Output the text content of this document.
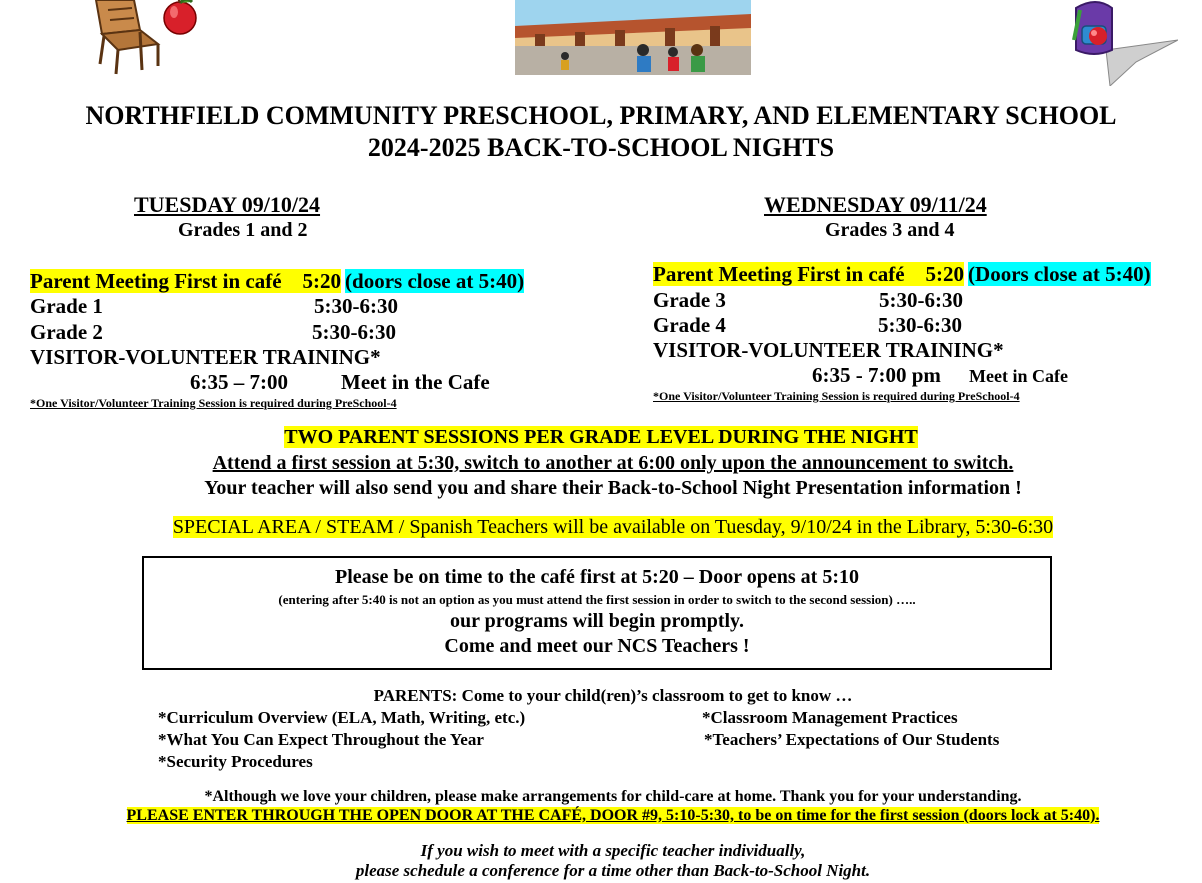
NORTHFIELD COMMUNITY PRESCHOOL, PRIMARY, AND ELEMENTARY SCHOOL
2024-2025 BACK-TO-SCHOOL NIGHTS
TUESDAY 09/10/24
Grades 1 and 2
Parent Meeting First in café 5:20 (doors close at 5:40)
Grade 1	5:30-6:30
Grade 2	5:30-6:30
VISITOR-VOLUNTEER TRAINING*
6:35 – 7:00	Meet in the Cafe
*One Visitor/Volunteer Training Session is required during PreSchool-4
WEDNESDAY 09/11/24
Grades 3 and 4
Parent Meeting First in café 5:20 (Doors close at 5:40)
Grade 3	5:30-6:30
Grade 4	5:30-6:30
VISITOR-VOLUNTEER TRAINING*
6:35 - 7:00 pm Meet in Cafe
*One Visitor/Volunteer Training Session is required during PreSchool-4
TWO PARENT SESSIONS PER GRADE LEVEL DURING THE NIGHT
Attend a first session at 5:30, switch to another at 6:00 only upon the announcement to switch.
Your teacher will also send you and share their Back-to-School Night Presentation information !
SPECIAL AREA / STEAM / Spanish Teachers will be available on Tuesday, 9/10/24 in the Library, 5:30-6:30
Please be on time to the café first at 5:20 – Door opens at 5:10
(entering after 5:40 is not an option as you must attend the first session in order to switch to the second session) …..
our programs will begin promptly.
Come and meet our NCS Teachers !
PARENTS: Come to your child(ren)’s classroom to get to know …
*Curriculum Overview (ELA, Math, Writing, etc.)	*Classroom Management Practices
*What You Can Expect Throughout the Year	*Teachers’ Expectations of Our Students
*Security Procedures
*Although we love your children, please make arrangements for child-care at home. Thank you for your understanding.
PLEASE ENTER THROUGH THE OPEN DOOR AT THE CAFÉ, DOOR #9, 5:10-5:30, to be on time for the first session (doors lock at 5:40).
If you wish to meet with a specific teacher individually,
please schedule a conference for a time other than Back-to-School Night.
